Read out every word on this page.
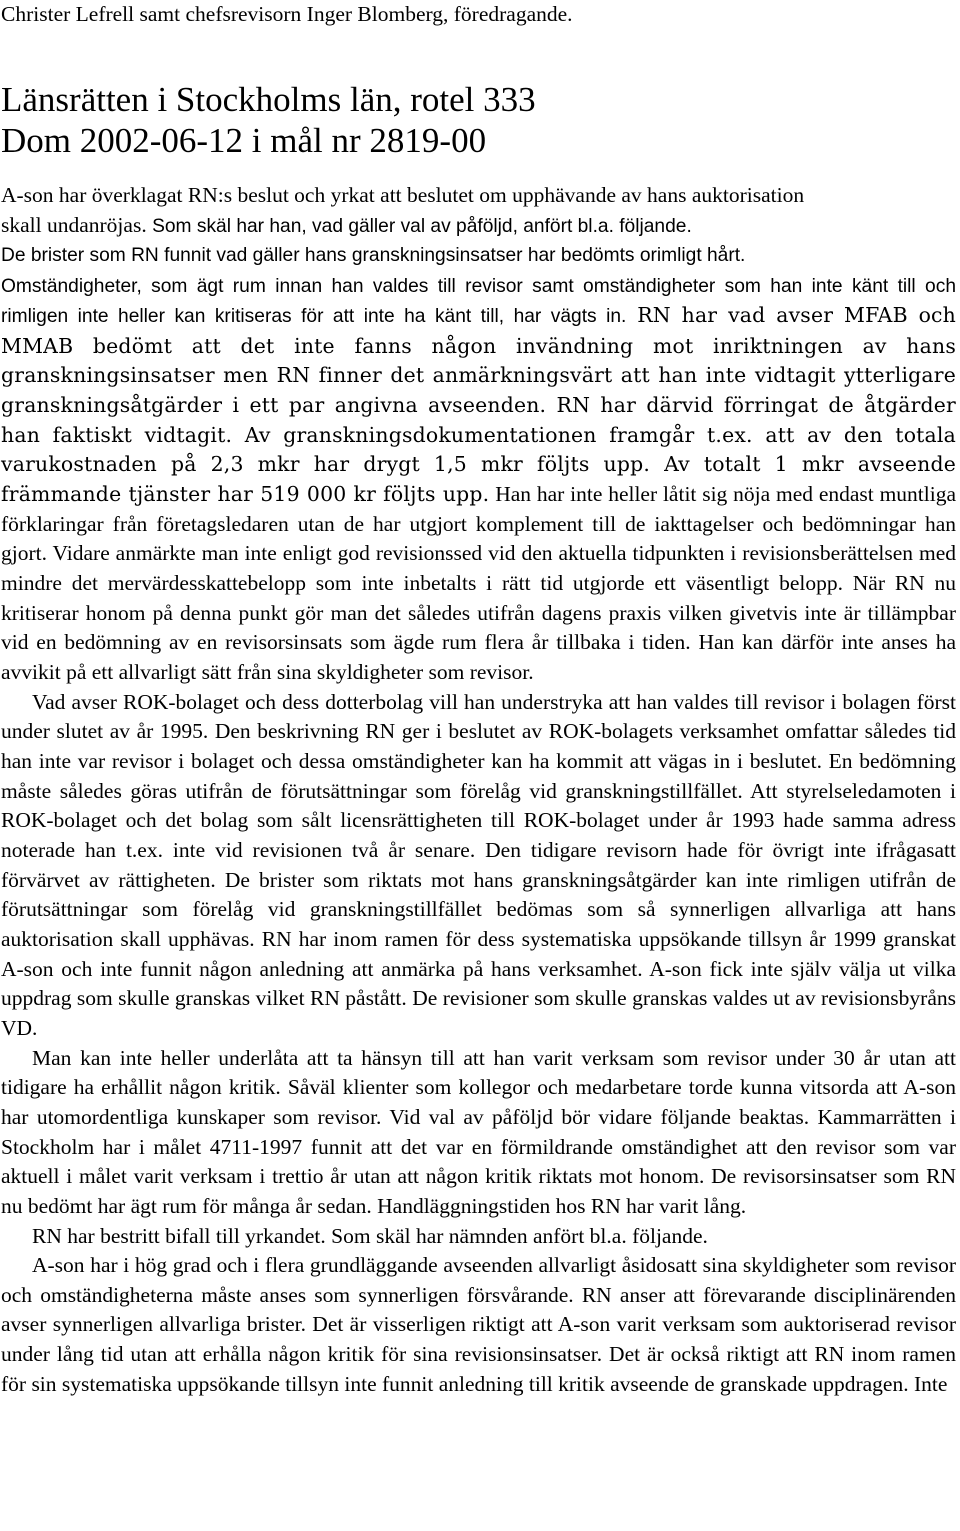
Christer Lefrell samt chefsrevisorn Inger Blomberg, föredragande.

Länsrätten i Stockholms län, rotel 333
Dom 2002-06-12 i mål nr 2819-00
A-son har överklagat RN:s beslut och yrkat att beslutet om upphävande av hans auktorisation
skall undanröjas. Som skäl har han, vad gäller val av påföljd, anfört bl.a. följande.
De brister som RN funnit vad gäller hans granskningsinsatser har bedömts orimligt hårt.

Omständigheter, som ägt rum innan han valdes till revisor samt omständigheter som han inte känt till och rimligen inte heller kan kritiseras för att inte ha känt till, har vägts in. RN har vad avser MFAB och MMAB bedömt att det inte fanns någon invändning mot inriktningen av hans granskningsinsatser men RN finner det anmärkningsvärt att han inte vidtagit ytterligare granskningsåtgärder i ett par angivna avseenden. RN har därvid förringat de åtgärder han faktiskt vidtagit. Av granskningsdokumentationen framgår t.ex. att av den totala varukostnaden på 2,3 mkr har drygt 1,5 mkr följts upp. Av totalt 1 mkr avseende främmande tjänster har 519 000 kr följts upp. Han har inte heller låtit sig nöja med endast muntliga förklaringar från företagsledaren utan de har utgjort komplement till de iakttagelser och bedömningar han gjort. Vidare anmärkte man inte enligt god revisionssed vid den aktuella tidpunkten i revisionsberättelsen med mindre det mervärdesskattebelopp som inte inbetalts i rätt tid utgjorde ett väsentligt belopp. När RN nu kritiserar honom på denna punkt gör man det således utifrån dagens praxis vilken givetvis inte är tillämpbar vid en bedömning av en revisorsinsats som ägde rum flera år tillbaka i tiden. Han kan därför inte anses ha avvikit på ett allvarligt sätt från sina skyldigheter som revisor.

Vad avser ROK-bolaget och dess dotterbolag vill han understryka att han valdes till revisor i bolagen först under slutet av år 1995. Den beskrivning RN ger i beslutet av ROK-bolagets verksamhet omfattar således tid han inte var revisor i bolaget och dessa omständigheter kan ha kommit att vägas in i beslutet. En bedömning måste således göras utifrån de förutsättningar som förelåg vid granskningstillfället. Att styrelseledamoten i ROK-bolaget och det bolag som sålt licensrättigheten till ROK-bolaget under år 1993 hade samma adress noterade han t.ex. inte vid revisionen två år senare. Den tidigare revisorn hade för övrigt inte ifrågasatt förvärvet av rättigheten. De brister som riktats mot hans granskningsåtgärder kan inte rimligen utifrån de förutsättningar som förelåg vid granskningstillfället bedömas som så synnerligen allvarliga att hans auktorisation skall upphävas. RN har inom ramen för dess systematiska uppsökande tillsyn år 1999 granskat A-son och inte funnit någon anledning att anmärka på hans verksamhet. A-son fick inte själv välja ut vilka uppdrag som skulle granskas vilket RN påstått. De revisioner som skulle granskas valdes ut av revisionsbyråns VD.

Man kan inte heller underlåta att ta hänsyn till att han varit verksam som revisor under 30 år utan att tidigare ha erhållit någon kritik. Såväl klienter som kollegor och medarbetare torde kunna vitsorda att A-son har utomordentliga kunskaper som revisor. Vid val av påföljd bör vidare följande beaktas. Kammarrätten i Stockholm har i målet 4711-1997 funnit att det var en förmildrande omständighet att den revisor som var aktuell i målet varit verksam i trettio år utan att någon kritik riktats mot honom. De revisorsinsatser som RN nu bedömt har ägt rum för många år sedan. Handläggningstiden hos RN har varit lång.

RN har bestritt bifall till yrkandet. Som skäl har nämnden anfört bl.a. följande.

A-son har i hög grad och i flera grundläggande avseenden allvarligt åsidosatt sina skyldigheter som revisor och omständigheterna måste anses som synnerligen försvårande. RN anser att förevarande disciplinärenden avser synnerligen allvarliga brister. Det är visserligen riktigt att A-son varit verksam som auktoriserad revisor under lång tid utan att erhålla någon kritik för sina revisionsinsatser. Det är också riktigt att RN inom ramen för sin systematiska uppsökande tillsyn inte funnit anledning till kritik avseende de granskade uppdragen. Inte
